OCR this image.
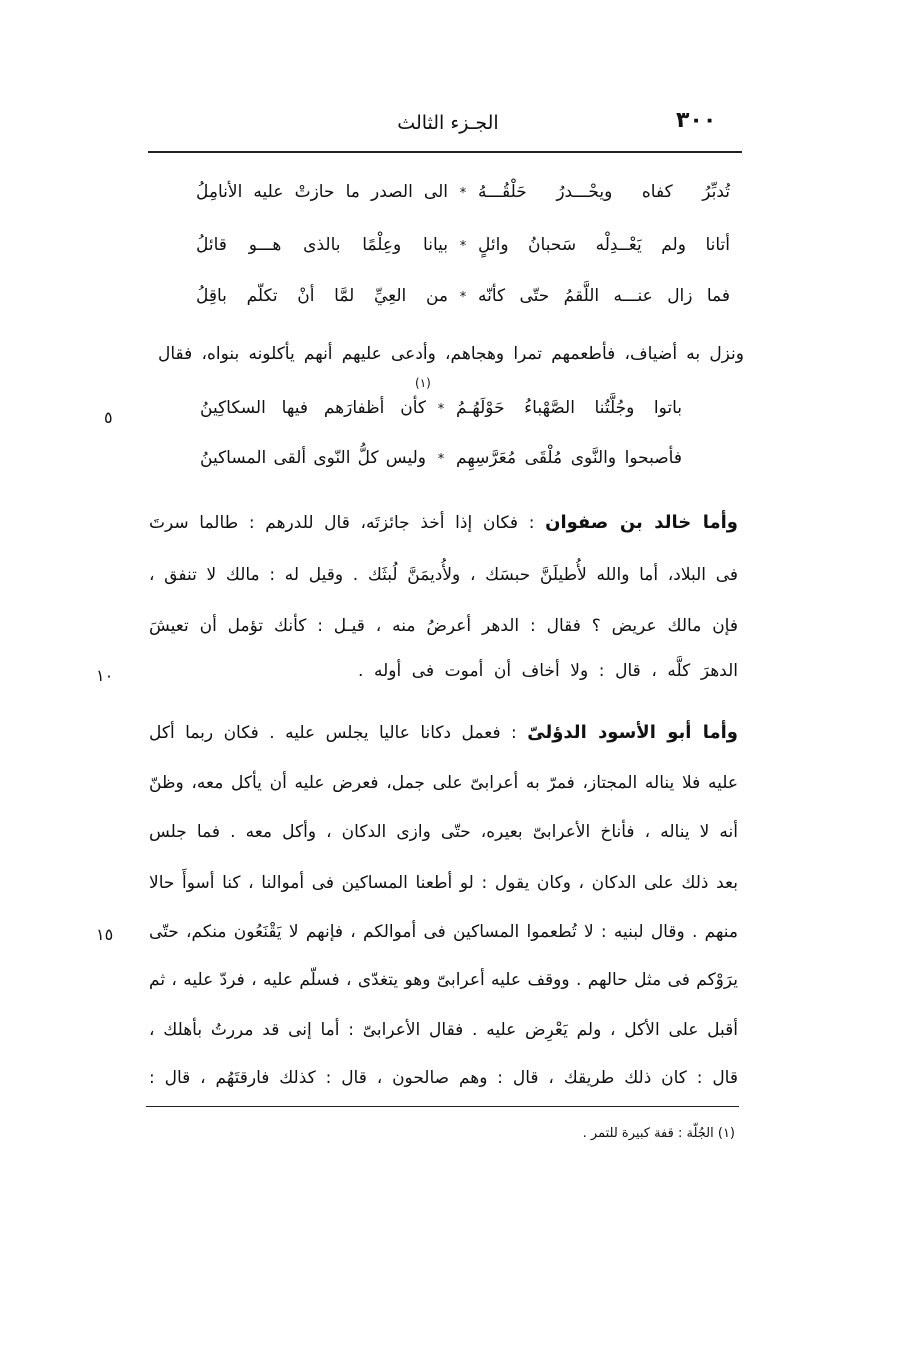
٣٠٠
الجـزء الثالث
تُدبِّرُ كفاه ويحْـــدرُ حَلْقُـــهُ
*
الى الصدر ما حازتْ عليه الأنامِلُ
أتانا ولم يَعْــدِلْه سَحبانُ وائلٍ
*
بيانا وعِلْمًا بالذى هـــو قائلُ
فما زال عنـــه اللَّقمُ حتّى كأنّه
*
من العِيِّ لمَّا أنْ تكلّم باقِلُ
ونزل به أضياف، فأطعمهم تمرا وهجاهم، وأدعى عليهم أنهم يأكلونه بنواه، فقال
(١)
باتوا وجُلَّتُنا الصَّهْباءُ حَوْلَهُـمُ
*
كأن أظفارَهم فيها السكاكِينُ
فأصبحوا والنَّوى مُلْقَى مُعَرَّسِهِم
*
وليس كلُّ النّوى ألقى المساكينُ
وأما خالد بن صفوان : فكان إذا أخذ جائزتَه، قال للدرهم : طالما سرتَ
فى البلاد، أما والله لأُطيلَنَّ حبسَك ، ولأُديمَنَّ لُبثَك . وقيل له : مالك لا تنفق ،
فإن مالك عريض ؟ فقال : الدهر أعرضُ منه ، قيـل : كأنك تؤمل أن تعيشَ
الدهرَ كلَّه ، قال : ولا أخاف أن أموت فى أوله .
وأما أبو الأسود الدؤلىّ : فعمل دكانا عاليا يجلس عليه . فكان ربما أكل
عليه فلا يناله المجتاز، فمرّ به أعرابىّ على جمل، فعرض عليه أن يأكل معه، وظنّ
أنه لا يناله ، فأناخ الأعرابىّ بعيره، حتّى وازى الدكان ، وأكل معه . فما جلس
بعد ذلك على الدكان ، وكان يقول : لو أطعنا المساكين فى أموالنا ، كنا أسوأَ حالا
منهم . وقال لبنيه : لا تُطعموا المساكين فى أموالكم ، فإنهم لا يَقْنَعُون منكم، حتّى
يرَوْكم فى مثل حالهم . ووقف عليه أعرابىّ وهو يتغدّى ، فسلّم عليه ، فردّ عليه ، ثم
أقبل على الأكل ، ولم يَعْرِض عليه . فقال الأعرابىّ : أما إنى قد مررتُ بأهلك ،
قال : كان ذلك طريقك ، قال : وهم صالحون ، قال : كذلك فارقتَهُم ، قال :
٥
١٠
١٥
(١) الجُلّة : قفة كبيرة للتمر .
